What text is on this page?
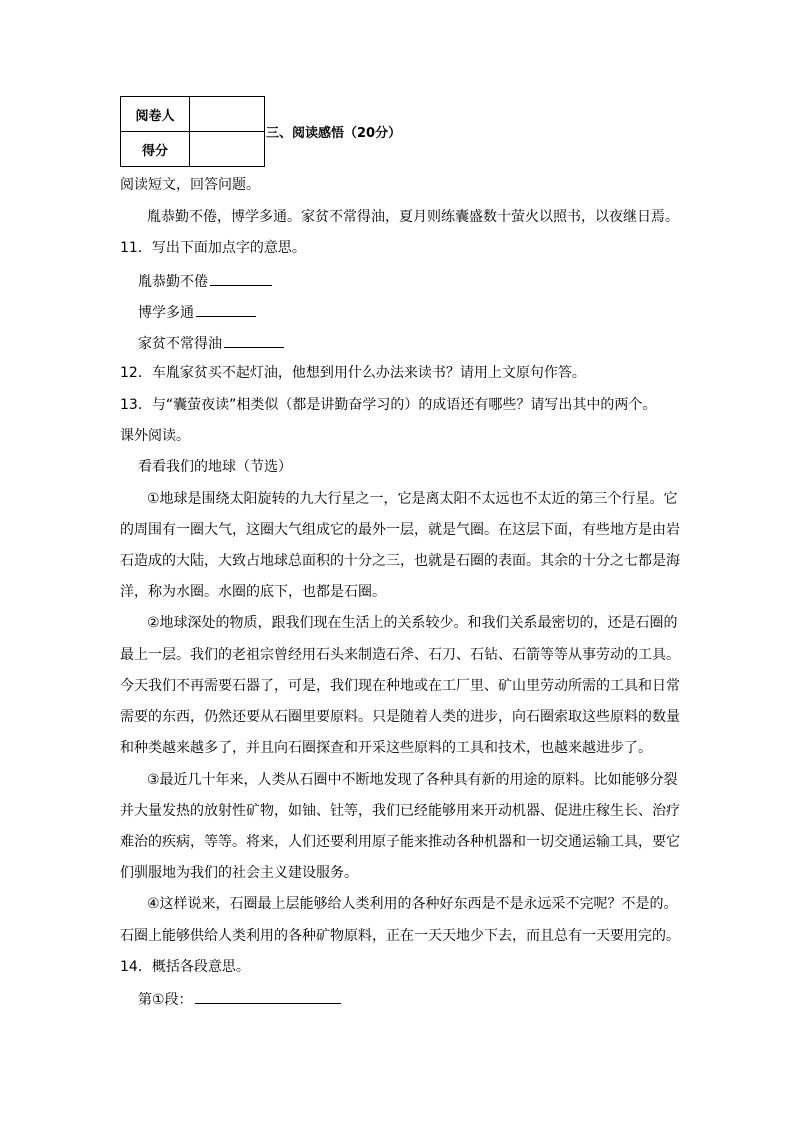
阅卷人	
得分	
三、阅读感悟（20分）
阅读短文，回答问题。
胤恭勤不倦，博学多通。家贫不常得油，夏月则练囊盛数十萤火以照书，以夜继日焉。
11．写出下面加点字的意思。
胤恭勤不倦
博学多通
家贫不常得油
12．车胤家贫买不起灯油，他想到用什么办法来读书？请用上文原句作答。
13．与“囊萤夜读”相类似（都是讲勤奋学习的）的成语还有哪些？请写出其中的两个。
课外阅读。
看看我们的地球（节选）
①地球是围绕太阳旋转的九大行星之一，它是离太阳不太远也不太近的第三个行星。它
的周围有一圈大气，这圈大气组成它的最外一层，就是气圈。在这层下面，有些地方是由岩
石造成的大陆，大致占地球总面积的十分之三，也就是石圈的表面。其余的十分之七都是海
洋，称为水圈。水圈的底下，也都是石圈。
②地球深处的物质，跟我们现在生活上的关系较少。和我们关系最密切的，还是石圈的
最上一层。我们的老祖宗曾经用石头来制造石斧、石刀、石钻、石箭等等从事劳动的工具。
今天我们不再需要石器了，可是，我们现在种地或在工厂里、矿山里劳动所需的工具和日常
需要的东西，仍然还要从石圈里要原料。只是随着人类的进步，向石圈索取这些原料的数量
和种类越来越多了，并且向石圈探查和开采这些原料的工具和技术，也越来越进步了。
③最近几十年来，人类从石圈中不断地发现了各种具有新的用途的原料。比如能够分裂
并大量发热的放射性矿物，如铀、钍等，我们已经能够用来开动机器、促进庄稼生长、治疗
难治的疾病，等等。将来，人们还要利用原子能来推动各种机器和一切交通运输工具，要它
们驯服地为我们的社会主义建设服务。
④这样说来，石圈最上层能够给人类利用的各种好东西是不是永远采不完呢？不是的。
石圈上能够供给人类利用的各种矿物原料，正在一天天地少下去，而且总有一天要用完的。
14．概括各段意思。
第①段：
